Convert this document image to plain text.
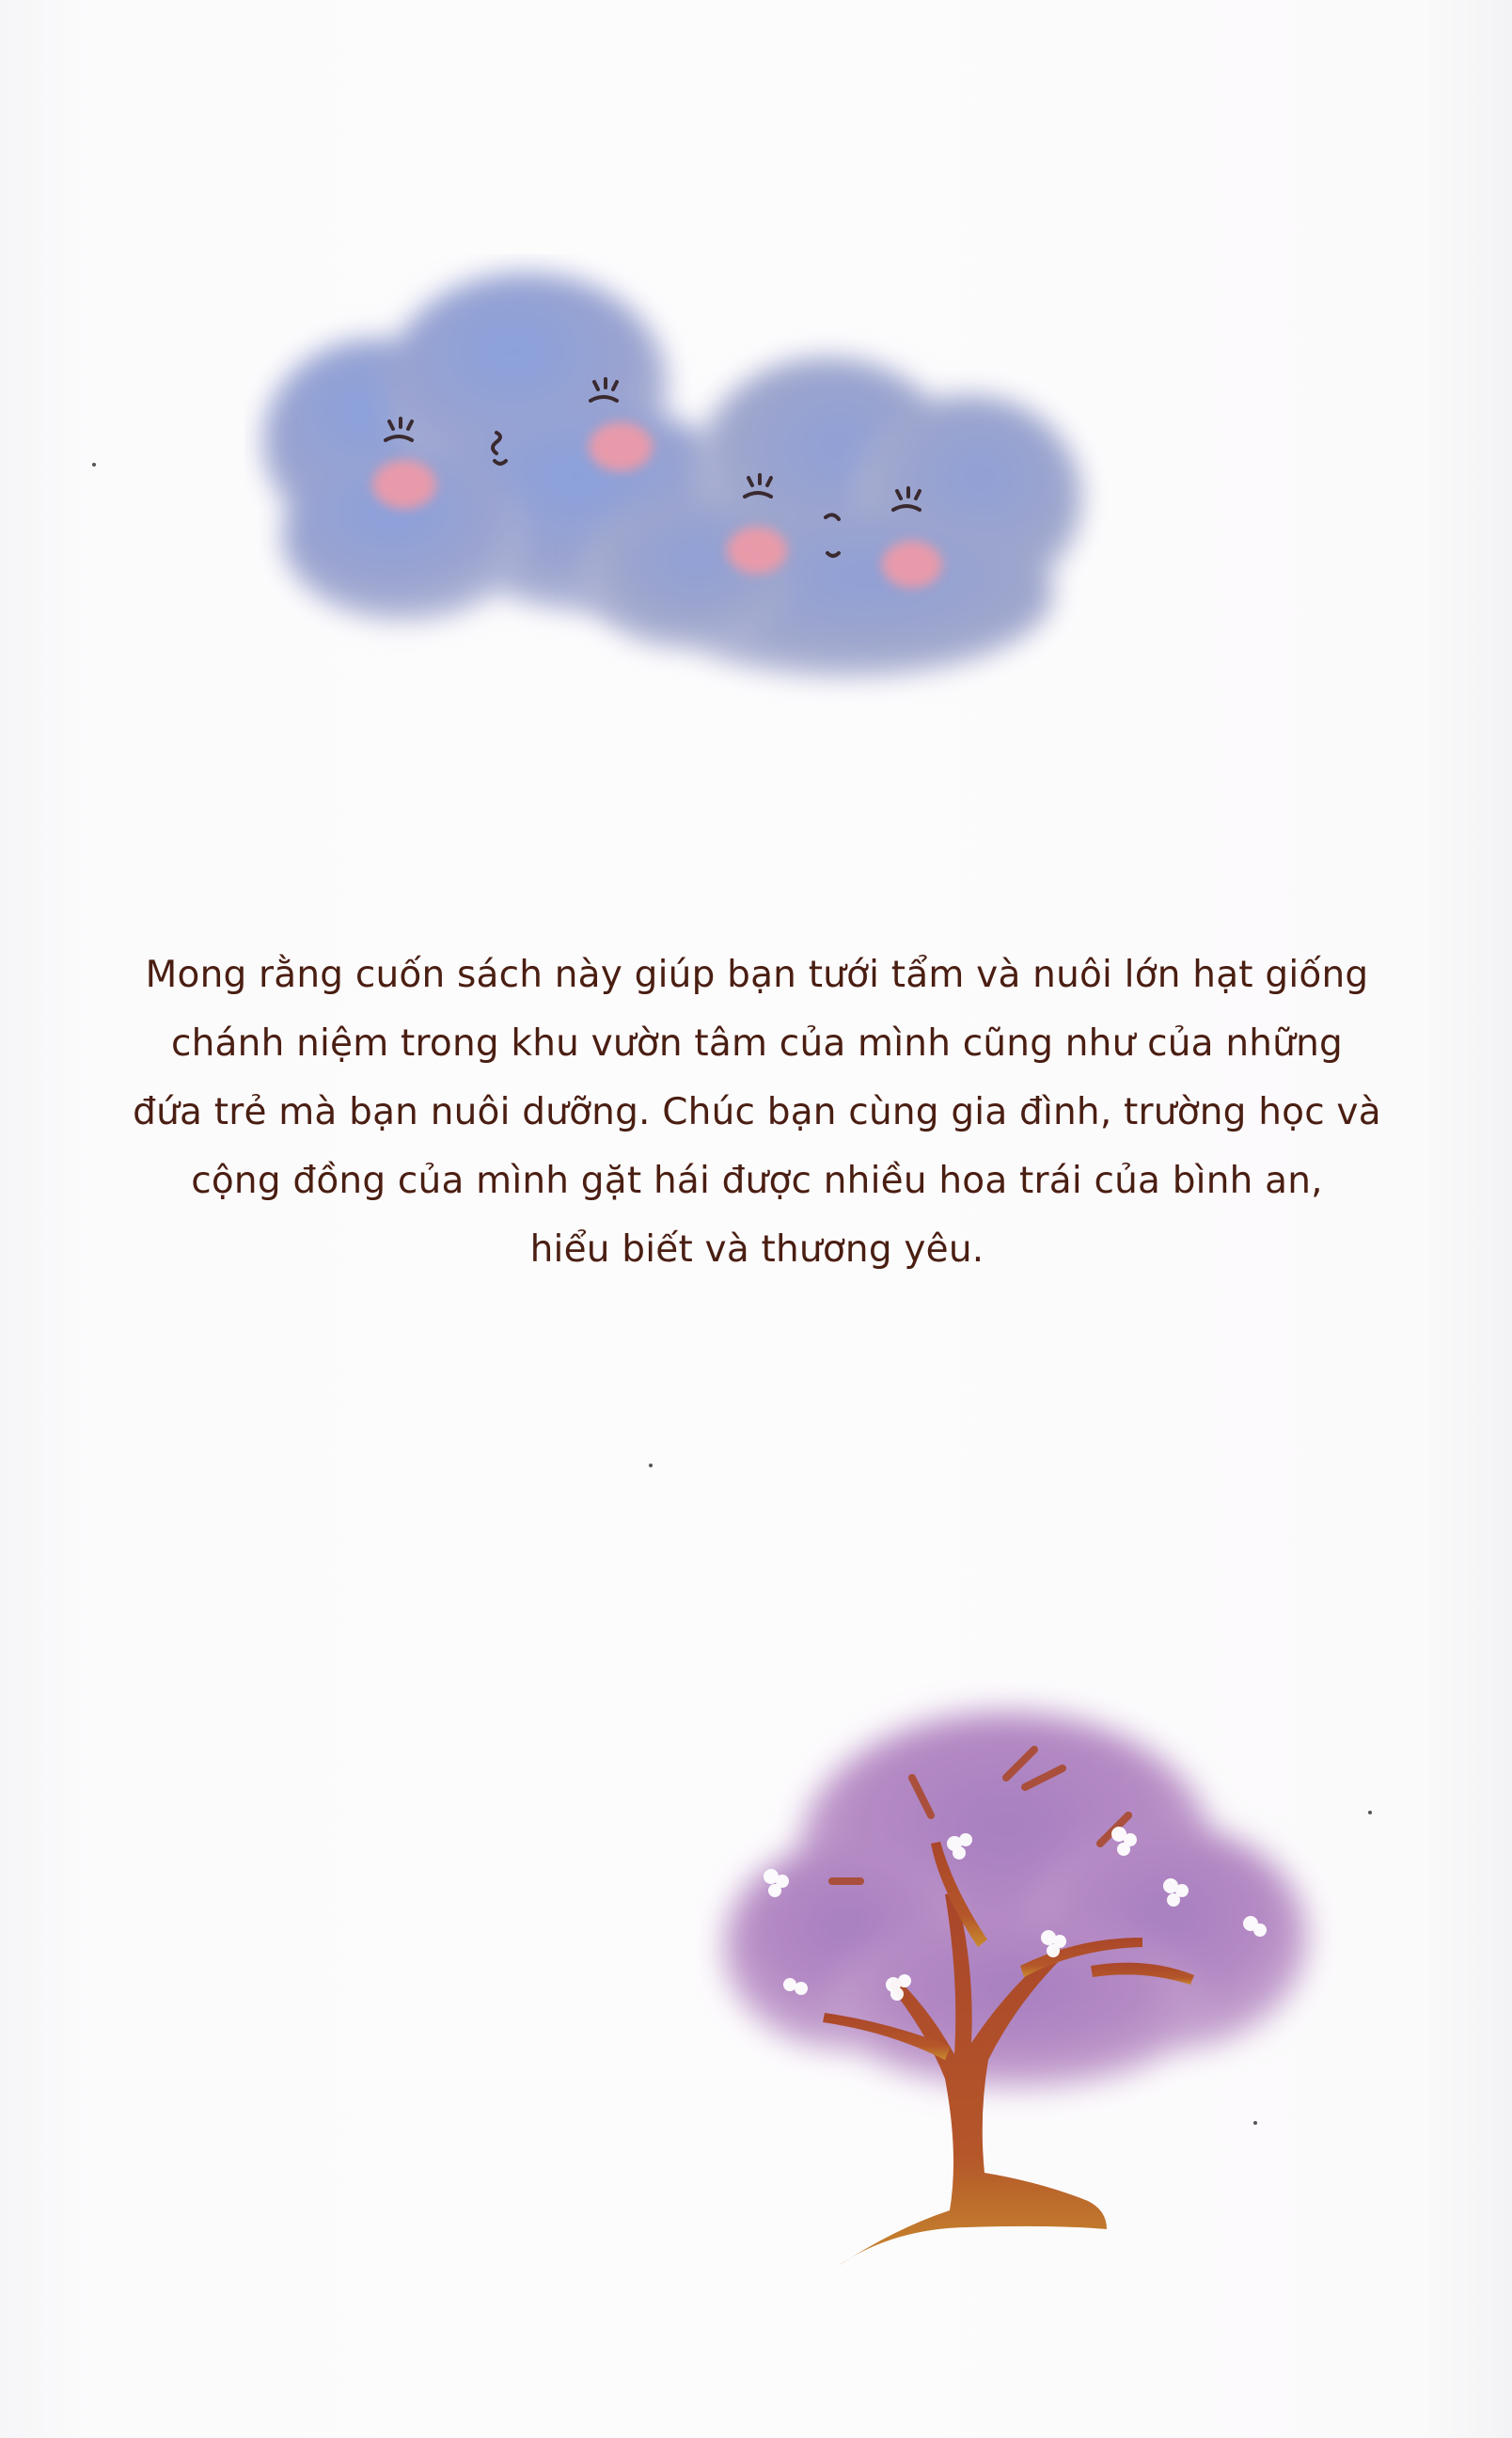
Mong rằng cuốn sách này giúp bạn tưới tẩm và nuôi lớn hạt giống
chánh niệm trong khu vườn tâm của mình cũng như của những
đứa trẻ mà bạn nuôi dưỡng. Chúc bạn cùng gia đình, trường học và
cộng đồng của mình gặt hái được nhiều hoa trái của bình an,
hiểu biết và thương yêu.
